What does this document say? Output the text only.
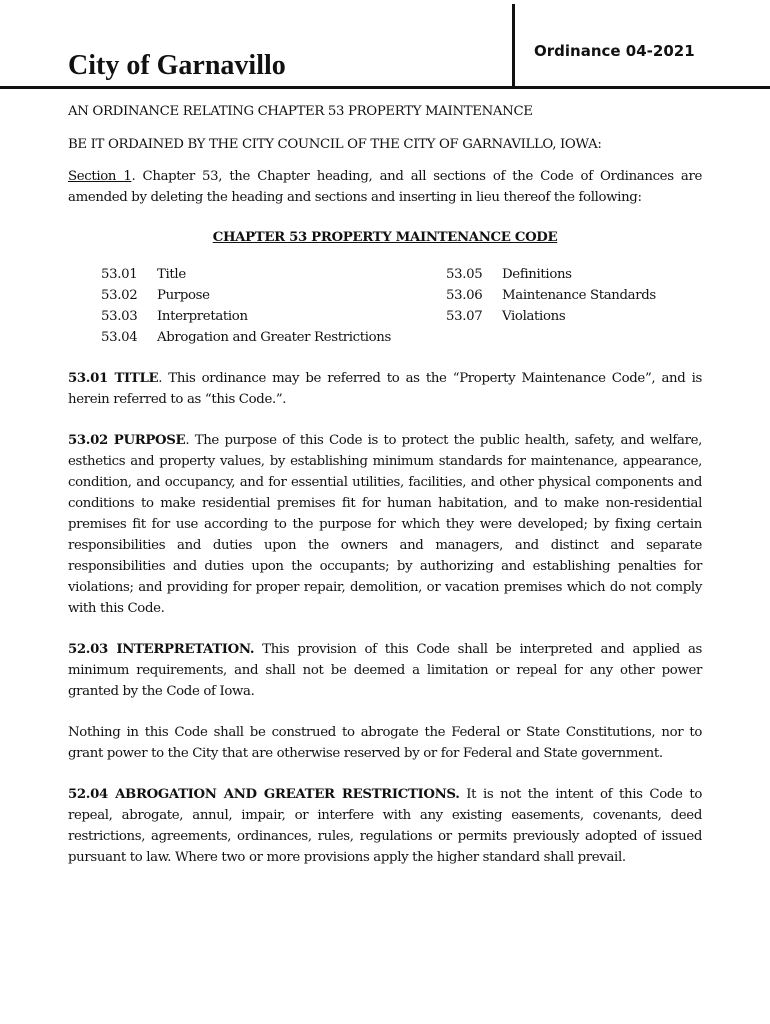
City of Garnavillo	Ordinance 04-2021

AN ORDINANCE RELATING CHAPTER 53 PROPERTY MAINTENANCE

BE IT ORDAINED BY THE CITY COUNCIL OF THE CITY OF GARNAVILLO, IOWA:

Section 1. Chapter 53, the Chapter heading, and all sections of the Code of Ordinances are amended by deleting the heading and sections and inserting in lieu thereof the following:

CHAPTER 53 PROPERTY MAINTENANCE CODE
53.01	Title
53.02	Purpose
53.03	Interpretation
53.04	Abrogation and Greater Restrictions
53.05	Definitions
53.06	Maintenance Standards
53.07	Violations

53.01 TITLE. This ordinance may be referred to as the “Property Maintenance Code”, and is herein referred to as “this Code.”.

53.02 PURPOSE. The purpose of this Code is to protect the public health, safety, and welfare, esthetics and property values, by establishing minimum standards for maintenance, appearance, condition, and occupancy, and for essential utilities, facilities, and other physical components and conditions to make residential premises fit for human habitation, and to make non-residential premises fit for use according to the purpose for which they were developed; by fixing certain responsibilities and duties upon the owners and managers, and distinct and separate responsibilities and duties upon the occupants; by authorizing and establishing penalties for violations; and providing for proper repair, demolition, or vacation premises which do not comply with this Code.

52.03 INTERPRETATION. This provision of this Code shall be interpreted and applied as minimum requirements, and shall not be deemed a limitation or repeal for any other power granted by the Code of Iowa.

Nothing in this Code shall be construed to abrogate the Federal or State Constitutions, nor to grant power to the City that are otherwise reserved by or for Federal and State government.

52.04 ABROGATION AND GREATER RESTRICTIONS. It is not the intent of this Code to repeal, abrogate, annul, impair, or interfere with any existing easements, covenants, deed restrictions, agreements, ordinances, rules, regulations or permits previously adopted of issued pursuant to law. Where two or more provisions apply the higher standard shall prevail.
